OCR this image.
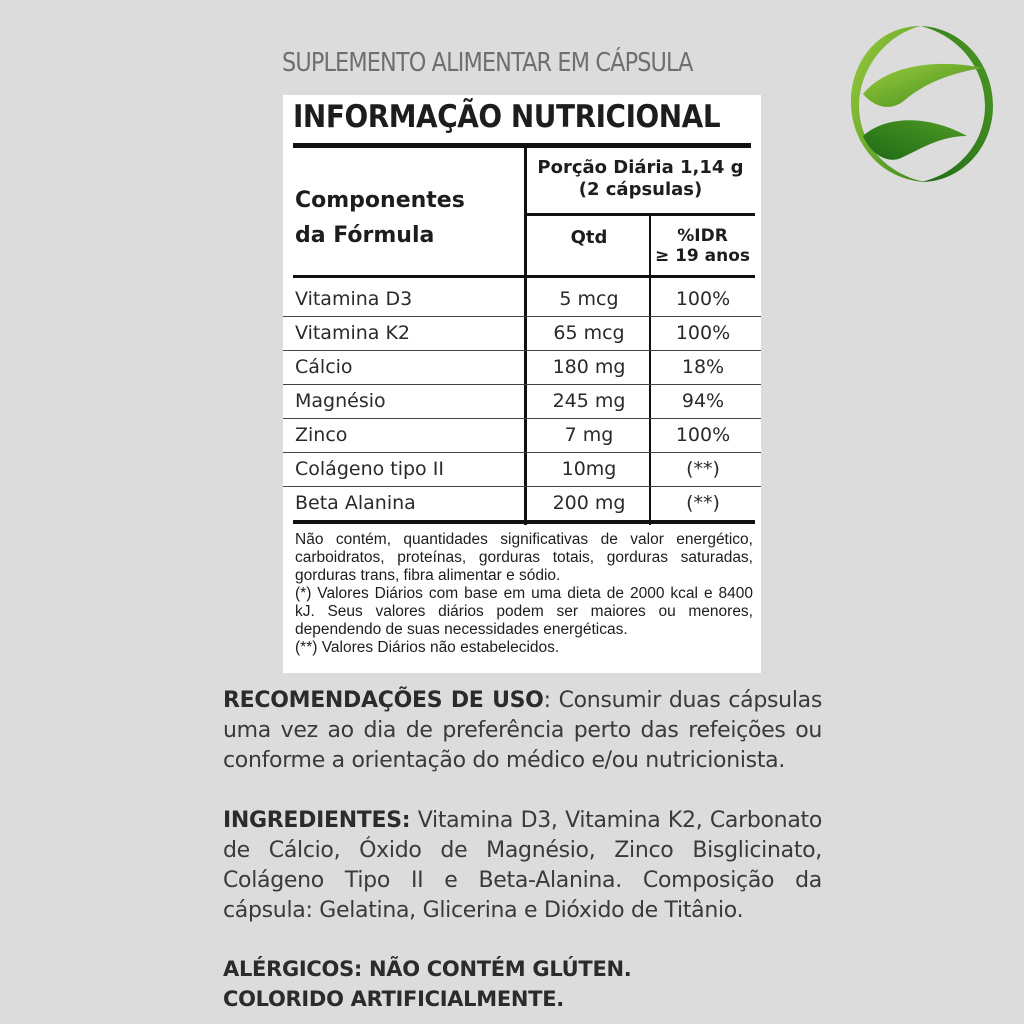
SUPLEMENTO ALIMENTAR EM CÁPSULA
INFORMAÇÃO NUTRICIONAL
Componentes
da Fórmula
Porção Diária 1,14 g
(2 cápsulas)
Qtd	%IDR
≥ 19 anos
Vitamina D3	5 mcg	100%
Vitamina K2	65 mcg	100%
Cálcio	180 mg	18%
Magnésio	245 mg	94%
Zinco	7 mg	100%
Colágeno tipo II	10mg	(**)
Beta Alanina	200 mg	(**)

Não contém, quantidades significativas de valor energético, carboidratos, proteínas, gorduras totais, gorduras saturadas, gorduras trans, fibra alimentar e sódio.

(*) Valores Diários com base em uma dieta de 2000 kcal e 8400 kJ. Seus valores diários podem ser maiores ou menores, dependendo de suas necessidades energéticas.

(**) Valores Diários não estabelecidos.

RECOMENDAÇÕES DE USO: Consumir duas cápsulas uma vez ao dia de preferência perto das refeições ou conforme a orientação do médico e/ou nutricionista.
INGREDIENTES: Vitamina D3, Vitamina K2, Carbonato de Cálcio, Óxido de Magnésio, Zinco Bisglicinato, Colágeno Tipo II e Beta-Alanina. Composição da cápsula: Gelatina, Glicerina e Dióxido de Titânio.
ALÉRGICOS: NÃO CONTÉM GLÚTEN.
COLORIDO ARTIFICIALMENTE.
